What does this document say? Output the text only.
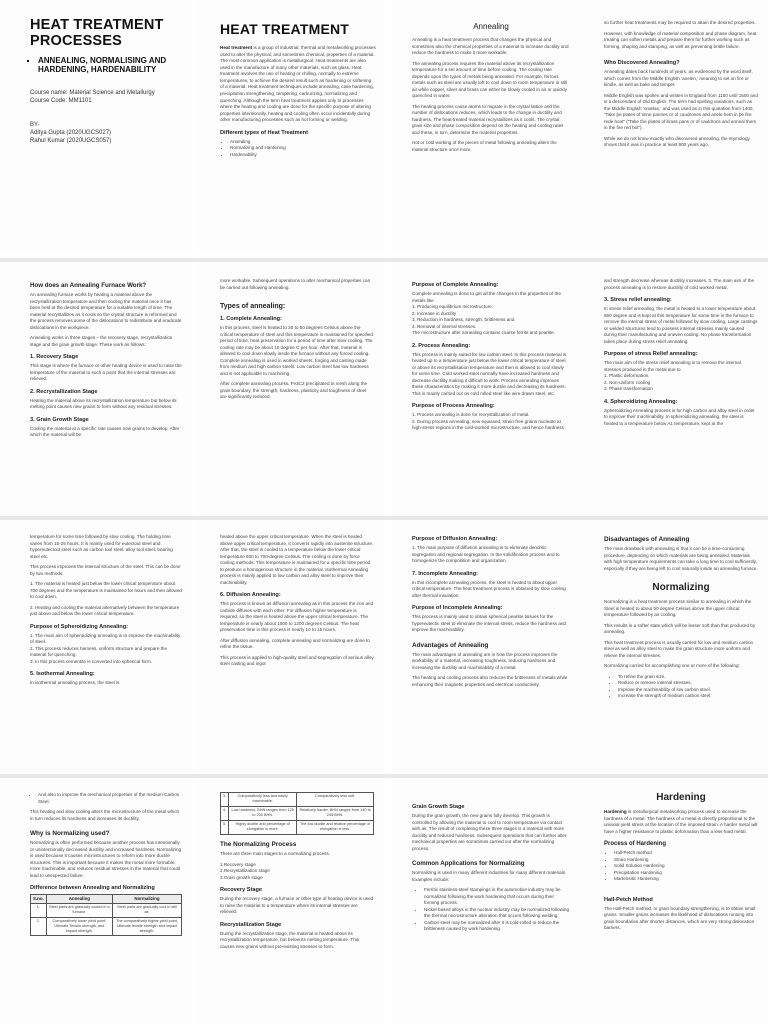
HEAT TREATMENT PROCESSES
▪ ANNEALING, NORMALISING AND HARDENING, HARDENABILITY

Course name: Material Science and Metallurgy

Course Code: MM1101

BY-

Aditya Gupta (2020UGCS027)

Rahul Kumar (2020UGCS057)

HEAT TREATMENT

Heat treatment is a group of industrial, thermal and metalworking processes used to alter the physical, and sometimes chemical, properties of a material. The most common application is metallurgical. Heat treatments are also used in the manufacture of many other materials, such as glass. Heat treatment involves the use of heating or chilling, normally to extreme temperatures, to achieve the desired result such as hardening or softening of a material. Heat treatment techniques include annealing, case hardening, precipitation strengthening, tempering, carburizing, normalizing and quenching. Although the term heat treatment applies only to processes where the heating and cooling are done for the specific purpose of altering properties intentionally, heating and cooling often occur incidentally during other manufacturing processes such as hot forming or welding.

Different types of Heat Treatment
• Annealing
• Normalizing and Hardening
• Hardenability
Annealing

Annealing is a heat treatment process that changes the physical and sometimes also the chemical properties of a material to increase ductility and reduce the hardness to make it more workable.

The annealing process requires the material above its recrystallization temperature for a set amount of time before cooling. The cooling rate depends upon the types of metals being annealed. For example, ferrous metals such as steel are usually left to cool down to room temperature in still air while copper, silver and brass can either be slowly cooled in air or quickly quenched in water.

The heating process cause atoms to migrate in the crystal lattice and the number of dislocations reduces, which leads to the change in ductility and hardness. The heat-treated material recrystallizes as it cools. The crystal grain size and phase composition depend on the heating and cooling rates and these, in turn, determine the material properties.

Hot or cold working of the pieces of metal following annealing alters the material structure once more.

so further heat treatments may be required to attain the desired properties.

However, with knowledge of material composition and phase diagram, heat treating can soften metals and prepare them for further working such as forming, shaping and stamping, as well as preventing brittle failure.

Who Discovered Annealing?

Annealing dates back hundreds of years, as evidenced by the word itself, which comes from the Middle English ‘anelen,’ meaning to set on fire or kindle, as well as bake and temper.

Middle English was spoken and written in England from 1150 until 1500 and is a descendant of Old English. The term had spelling variations, such as the Middle English ‘onælan,’ and was used as in this quotation from 1400, “Take þe plates of tinne pannes or of caudrones and anele hem in þe fire rede hoot” (“Take the plates of brass pans or of cauldrons and anneal them in the fire red hot”).

While we do not know exactly who discovered annealing, the etymology shows that it was in practice at least 900 years ago.

How does an Annealing Furnace Work?

An annealing furnace works by heating a material above the recrystallization temperature and then cooling the material once it has been held at the desired temperature for a suitable length of time. The material recrystallizes as it cools so the crystal structure is reformed and the process removes some of the dislocations to redistribute and eradicate dislocations in the workpiece.

Annealing works in three stages – the recovery stage, recrystallization stage and the grain growth stage. These work as follows:

1. Recovery Stage

This stage is where the furnace or other heating device is used to raise the temperature of the material to such a point that the internal stresses are relieved.

2. Recrystallization Stage

Heating the material above its recrystallization temperature but below its melting point causes new grains to form without any residual stresses.

3. Grain Growth Stage

Cooling the material at a specific rate causes new grains to develop. After which the material will be

more workable. Subsequent operations to alter mechanical properties can be carried out following annealing.

Types of annealing:
1. Complete Annealing:

In this process, steel is heated to 30 to 50 degrees Celsius above the critical temperature of steel and this temperature is maintained for specified period of time, heat preservation for a period of time after slow cooling. The cooling rate may be about 10 degree C per hour. After that, material is allowed to cool down slowly inside the furnace without any forced cooling. Complete annealing is used in worked sheets, forging and casting made from medium and high carbon steels. Low carbon steel has low hardness and is not applicable to machining.

After complete annealing process, Fe3C2 precipitated in mesh along the grain boundary, the strength, hardness, plasticity and toughness of steel are significantly reduced.

Purpose of Complete Annealing:

Complete annealing is done to get all the changes in the properties of the metals like

1. Producing equilibrium microstructure.

2. Increase in ductility

3. Reduction in hardness, strength, brittleness and

4. Removal of internal stresses.

The microstructure after annealing contains coarse ferrite and pearlite.

2. Process Annealing:

This process is mainly suited for low carbon steel. In this process material is heated up to a temperature just below the lower critical temperature of steel or above its recrystallisation temperature and then is allowed to cool slowly for some time. Cold worked steel normally have increased hardness and decrease ductility making it difficult to work. Process annealing improves these characteristics by making it more ductile and decreasing its hardness. This is mainly carried out on cold rolled steel like wire drawn steel, etc.

Purpose of Process Annealing:

1. Process annealing is done for recrystallization of metal.

2. During process annealing, new equiaxed, strain-free grains nucleate at high-stress regions in the cold-worked microstructure, and hence hardness

and strength decrease whereas ductility increases. 3. The main aim of the process annealing is to restore ductility of cold worked metal.

3. Stress relief annealing:

In stress relief annealing, the metal is heated to a lower temperature about 650 degree and is kept at this temperature for some time in the furnace to remove the internal stress of metal followed by slow cooling. Large castings or welded structures tend to possess internal stresses mainly caused during their manufacturing and uneven cooling. No phase transformation takes place during stress relief annealing.

Purpose of stress Relief annealing:

The main aim of the stress relief annealing is to remove the internal stresses produced in the metal due to

1. Plastic deformation.

2. Non-uniform cooling

3. Phase transformation

4. Spheroidizing Annealing:

Spheroidizing Annealing process is for high carbon and alloy steel in order to improve their machinability. In spheroidizing annealing, the steel is heated to a temperature below A1 temperature, kept at the

temperature for some time followed by slow cooling. The holding time varies from 15-25 hours. It is mainly used for eutectoid steel and hypereutectoid steel such as carbon tool steel, alloy tool steel, bearing steel etc.

This process improves the internal structure of the steel. This can be done by two methods:

1. The material is heated just below the lower critical temperature about 700 degrees and the temperature is maintained for hours and then allowed to cool down.

2. Heating and cooling the material alternatively between the temperature just above and below the lower critical temperature.

Purpose of Spheroidizing Annealing:

1. The main aim of spheroidizing annealing is to improve the machinability of steel.

2. This process reduces harness, uniform structure and prepare the material for quenching.

3. In this process cementite is converted into spherical form.

5. Isothermal Annealing:

In isothermal annealing process, the steel is

heated above the upper critical temperature. When the steel is heated above upper critical temperature, it converts rapidly into austenite structure. After that, the steel is cooled to a temperature below the lower critical temperature 600 to 700-degree Celsius. The cooling is done by force cooling methods. This temperature is maintained for a specific time period to produce a homogenous structure in the material. Isothermal Annealing process is mainly applied to low carbon and alloy steel to improve their machinability.

6. Diffusion Annealing:

This process is known as diffusion annealing as in this process the iron and carbide diffuses with each other. For diffusion higher temperature is required, so the steel is heated above the upper critical temperature. The temperature is nearly about 1000 to 1200 degrees Celsius. The heat preservation time in this process is nearly 10 to 15 hours.

After diffusion annealing, complete annealing and normalizing are done to refine the tissue.

This process is applied to high-quality steel and segregation of serious alloy steel casting and ingot

Purpose of Diffusion Annealing:

1. The main purpose of diffusion annealing is to eliminate dendritic segregation and regional segregation. In the solidification process and to homogenize the composition and organization.

7. Incomplete Annealing:

In this incomplete annealing process, the steel is heated to about upper critical temperature. The heat treatment process is obtained by slow cooling after thermal insulation.

Purpose of Incomplete Annealing:

This process is mainly used to obtain spherical pearlite tissues for the hypereutectic steel to eliminate the internal stress, reduce the hardness and improve the machinability.

Advantages of Annealing

The main advantages of annealing are in how the process improves the workability of a material, increasing toughness, reducing hardness and increasing the ductility and machinability of a metal.

The heating and cooling process also reduces the brittleness of metals while enhancing their magnetic properties and electrical conductivity.

Disadvantages of Annealing

The main drawback with annealing is that it can be a time-consuming procedure, depending on which materials are being annealed. Materials with high temperature requirements can take a long time to cool sufficiently, especially if they are being left to cool naturally inside an annealing furnace.

Normalizing

Normalizing is a heat treatment process similar to annealing in which the Steel is heated to about 50 degree Celsius above the upper critical temperature followed by air cooling.

This results in a softer state which will be lesser soft than that produced by annealing.

This heat treatment process is usually carried for low and medium carbon steel as well as alloy steel to make the grain structure more uniform and relieve the internal stresses.

Normalizing carried for accomplishing one or more of the following:

• To refine the grain size.
• Reduce or remove internal stresses.
• Improve the machinability of low carbon steel.
• Increase the strength of medium carbon steel.
• And also to improve the mechanical properties of the medium Carbon Steel.

This heating and slow cooling alters the microstructure of the metal which in turn reduces its hardness and increases its ductility.

Why is Normalizing used?

Normalizing is often performed because another process has intentionally or unintentionally decreased ductility and increased hardness. Normalizing is used because it causes microstructures to reform into more ductile structures. This is important because it makes the metal more formable, more machinable, and reduces residual stresses in the material that could lead to unexpected failure.

Difference between Annealing and Normalizing
S.no.	Annealing	Normalizing
1.	Steel parts are gradually cooled in a furnace.	Steel parts are gradually cool in still air.
2.	Comparatively lower yield point. Ultimate Tensile strength, and impact strength.	The comparatively higher yield point, Ultimate tensile strength and impact strength.
3.	Comparatively less and easily machinable.	Comparatively less soft.
4.	Low hardness, BHN ranges from 125 to 200 BHN.	Relatively harder, BHN ranges from 140 to 245 BHN.
5.	Highly ductile and percentage of elongation is more.	The low ductile and relative percentage of elongation is less.
The Normalizing Process

There are three main stages to a normalizing process.

1.Recovery stage

2.Recrystallization stage

3.Grain growth stage

Recovery Stage

During the recovery stage, a furnace or other type of heating device is used to raise the material to a temperature where its internal stresses are relieved.

Recrystallization Stage

During the recrystallization stage, the material is heated above its recrystallization temperature, but below its melting temperature. This causes new grains without pre-existing stresses to form.

Grain Growth Stage

During the grain growth, the new grains fully develop. This growth is controlled by allowing the material to cool to room temperature via contact with air. The result of completing these three stages is a material with more ductility and reduced hardness. Subsequent operations that can further alter mechanical properties are sometimes carried out after the normalizing process.

Common Applications for Normalizing

Normalizing is used in many different industries for many different materials. Examples include:

• Ferritic stainless-steel stampings in the automotive industry may be normalized following the work hardening that occurs during their forming process.
• Nickel-based alloys in the nuclear industry may be normalized following the thermal microstructure alteration that occurs following welding.
• Carbon steel may be normalized after it is cold-rolled to reduce the brittleness caused by work hardening.
Hardening

Hardening is metallurgical metalworking process used to increase the hardness of a metal. The hardness of a metal is directly proportional to the uniaxial yield stress at the location of the imposed strain. A harder metal will have a higher resistance to plastic deformation than a less hard metal.

Process of Hardening
• Hall-Petch method
• Strain Hardening
• Solid Solution Hardening
• Precipitation Hardening
• Martensitic Hardening
Hall-Petch Method

The Hall-Petch method, or grain boundary strengthening, is to obtain small grains. Smaller grains increases the likelihood of dislocations running into grain boundaries after shorter distances, which are very strong dislocation barriers.
